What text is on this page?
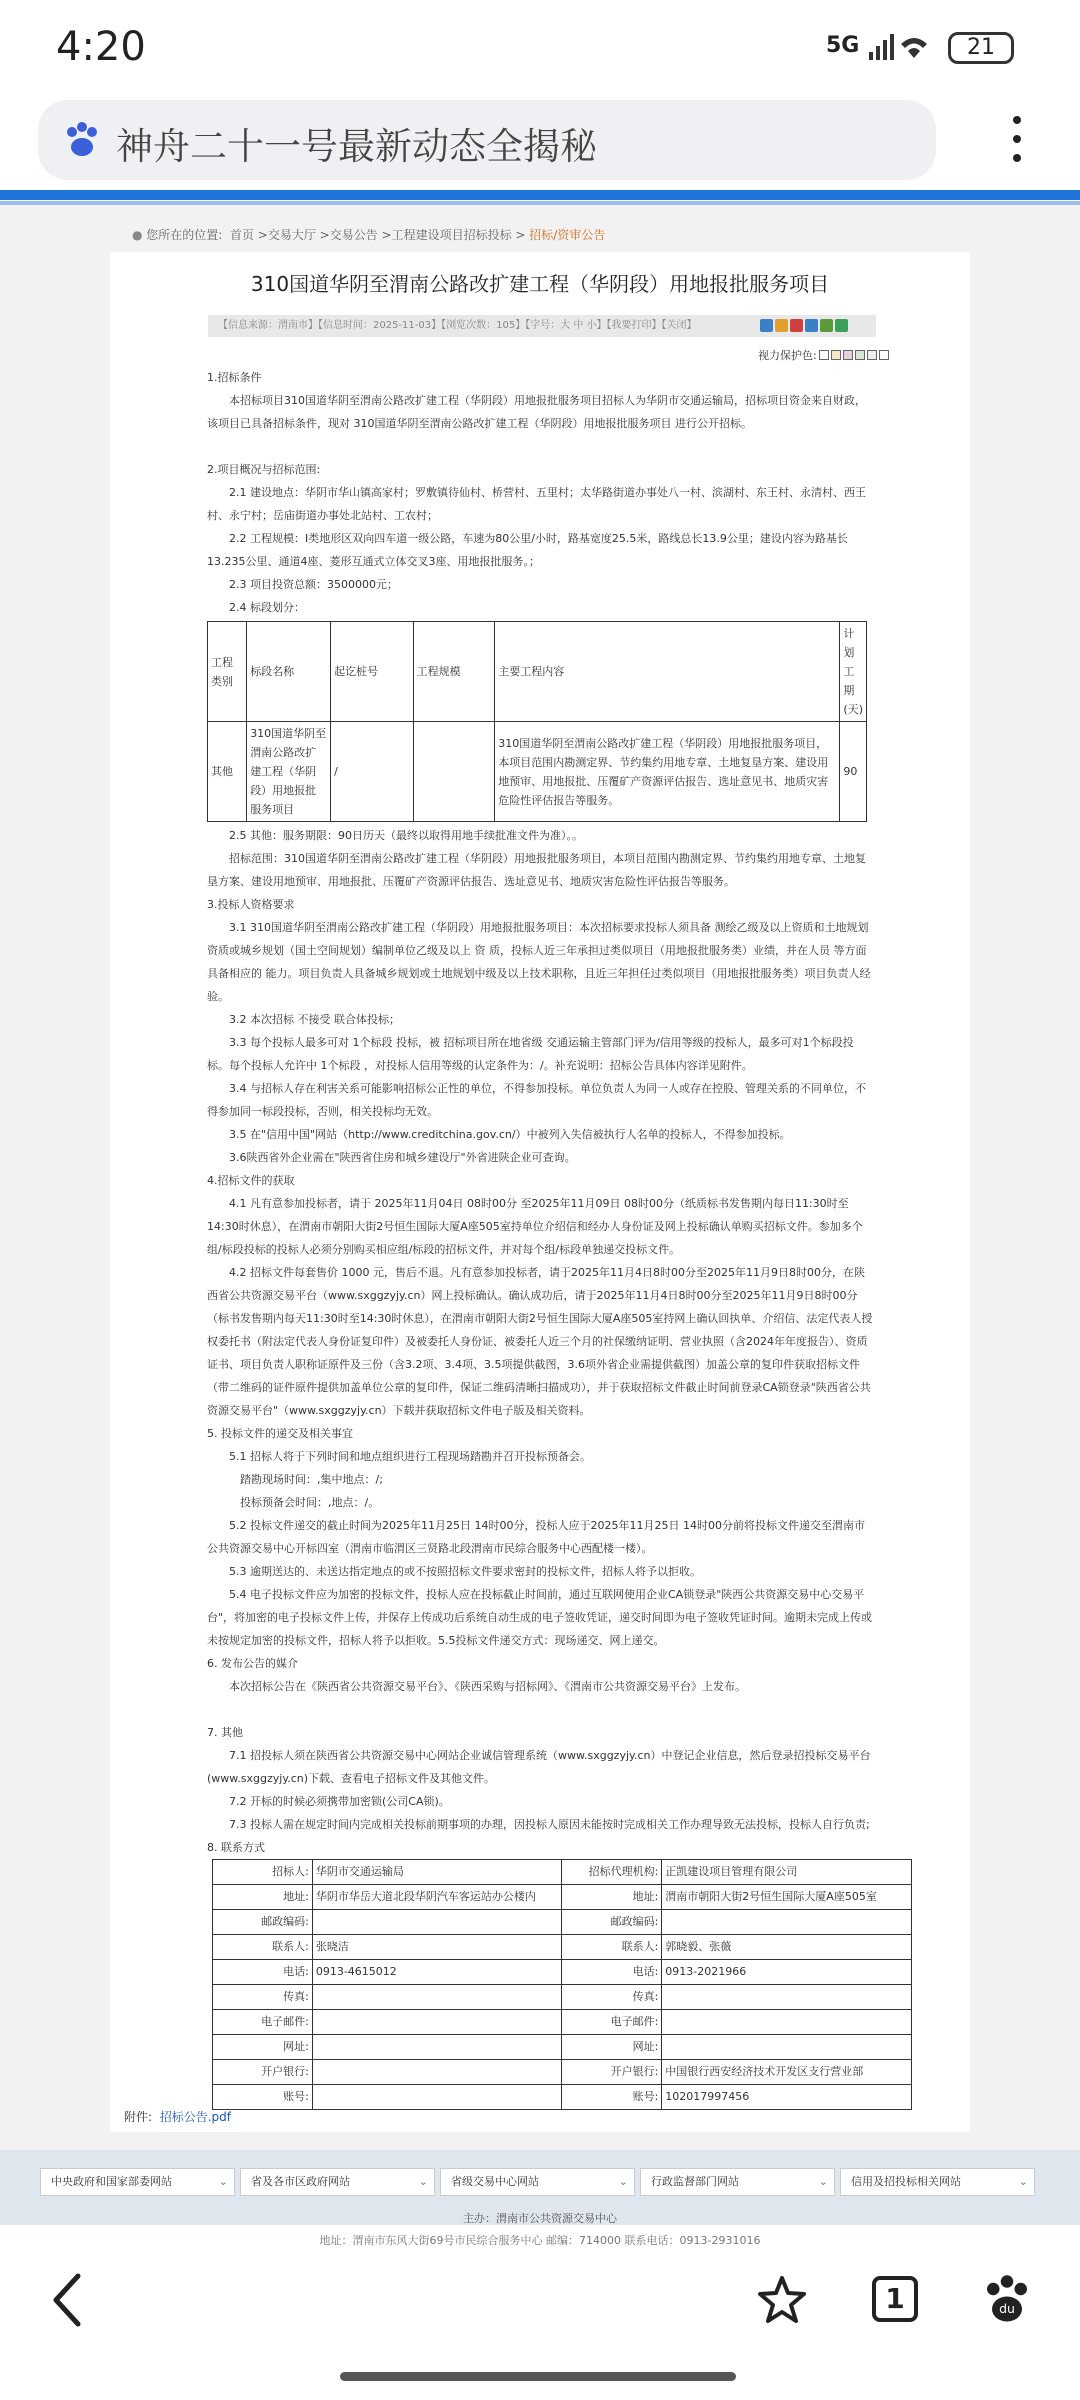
4:20	5G	21
神舟二十一号最新动态全揭秘
● 您所在的位置: 首页 >交易大厅 >交易公告 >工程建设项目招标投标 > 招标/资审公告
310国道华阴至渭南公路改扩建工程（华阴段）用地报批服务项目
【信息来源：渭南市】【信息时间：2025-11-03】【浏览次数：105】【字号：大 中 小】【我要打印】【关闭】
视力保护色:

1.招标条件

本招标项目310国道华阴至渭南公路改扩建工程（华阴段）用地报批服务项目招标人为华阴市交通运输局，招标项目资金来自财政，该项目已具备招标条件，现对 310国道华阴至渭南公路改扩建工程（华阴段）用地报批服务项目 进行公开招标。

2.项目概况与招标范围:

2.1 建设地点：华阴市华山镇高家村；罗敷镇待仙村、桥营村、五里村；太华路街道办事处八一村、滨湖村、东王村、永清村、西王村、永宁村；岳庙街道办事处北站村、工农村；

2.2 工程规模：I类地形区双向四车道一级公路，车速为80公里/小时，路基宽度25.5米，路线总长13.9公里；建设内容为路基长13.235公里、通道4座、菱形互通式立体交叉3座、用地报批服务。；

2.3 项目投资总额：3500000元；

2.4 标段划分：

工程类别	标段名称	起讫桩号	工程规模	主要工程内容	计划工期(天)
其他	310国道华阴至渭南公路改扩建工程（华阴段）用地报批服务项目	/		310国道华阴至渭南公路改扩建工程（华阴段）用地报批服务项目，本项目范围内勘测定界、节约集约用地专章、土地复垦方案、建设用地预审、用地报批、压覆矿产资源评估报告、选址意见书、地质灾害危险性评估报告等服务。	90

2.5 其他：服务期限：90日历天（最终以取得用地手续批准文件为准）。。

招标范围：310国道华阴至渭南公路改扩建工程（华阴段）用地报批服务项目，本项目范围内勘测定界、节约集约用地专章、土地复垦方案、建设用地预审、用地报批、压覆矿产资源评估报告、选址意见书、地质灾害危险性评估报告等服务。

3.投标人资格要求

3.1 310国道华阴至渭南公路改扩建工程（华阴段）用地报批服务项目：本次招标要求投标人须具备 测绘乙级及以上资质和土地规划资质或城乡规划（国土空间规划）编制单位乙级及以上 资 质，投标人近三年承担过类似项目（用地报批服务类）业绩，并在人员 等方面具备相应的 能力。项目负责人具备城乡规划或土地规划中级及以上技术职称，且近三年担任过类似项目（用地报批服务类）项目负责人经验。

3.2 本次招标 不接受 联合体投标；

3.3 每个投标人最多可对 1个标段 投标，被 招标项目所在地省级 交通运输主管部门评为/信用等级的投标人，最多可对1个标段投标。每个投标人允许中 1个标段 ，对投标人信用等级的认定条件为：/。补充说明：招标公告具体内容详见附件。

3.4 与招标人存在利害关系可能影响招标公正性的单位，不得参加投标。单位负责人为同一人或存在控股、管理关系的不同单位，不得参加同一标段投标，否则，相关投标均无效。

3.5 在"信用中国"网站（http://www.creditchina.gov.cn/）中被列入失信被执行人名单的投标人，不得参加投标。

3.6陕西省外企业需在"陕西省住房和城乡建设厅"外省进陕企业可查询。

4.招标文件的获取

4.1 凡有意参加投标者，请于 2025年11月04日 08时00分 至2025年11月09日 08时00分（纸质标书发售期内每日11:30时至14:30时休息），在渭南市朝阳大街2号恒生国际大厦A座505室持单位介绍信和经办人身份证及网上投标确认单购买招标文件。参加多个组/标段投标的投标人必须分别购买相应组/标段的招标文件，并对每个组/标段单独递交投标文件。

4.2 招标文件每套售价 1000 元，售后不退。凡有意参加投标者，请于2025年11月4日8时00分至2025年11月9日8时00分，在陕西省公共资源交易平台（www.sxggzyjy.cn）网上投标确认。确认成功后，请于2025年11月4日8时00分至2025年11月9日8时00分（标书发售期内每天11:30时至14:30时休息），在渭南市朝阳大街2号恒生国际大厦A座505室持网上确认回执单、介绍信、法定代表人授权委托书（附法定代表人身份证复印件）及被委托人身份证、被委托人近三个月的社保缴纳证明、营业执照（含2024年年度报告）、资质证书、项目负责人职称证原件及三份（含3.2项、3.4项、3.5项提供截图，3.6项外省企业需提供截图）加盖公章的复印件获取招标文件（带二维码的证件原件提供加盖单位公章的复印件，保证二维码清晰扫描成功），并于获取招标文件截止时间前登录CA锁登录"陕西省公共资源交易平台"（www.sxggzyjy.cn）下载并获取招标文件电子版及相关资料。

5. 投标文件的递交及相关事宜

5.1 招标人将于下列时间和地点组织进行工程现场踏勘并召开投标预备会。

踏勘现场时间：,集中地点：/;

投标预备会时间：,地点：/。

5.2 投标文件递交的截止时间为2025年11月25日 14时00分，投标人应于2025年11月25日 14时00分前将投标文件递交至渭南市公共资源交易中心开标四室（渭南市临渭区三贤路北段渭南市民综合服务中心西配楼一楼）。

5.3 逾期送达的、未送达指定地点的或不按照招标文件要求密封的投标文件，招标人将予以拒收。

5.4 电子投标文件应为加密的投标文件，投标人应在投标截止时间前，通过互联网使用企业CA锁登录"陕西公共资源交易中心交易平台"，将加密的电子投标文件上传，并保存上传成功后系统自动生成的电子签收凭证，递交时间即为电子签收凭证时间。逾期未完成上传或未按规定加密的投标文件，招标人将予以拒收。5.5投标文件递交方式：现场递交、网上递交。

6. 发布公告的媒介

本次招标公告在《陕西省公共资源交易平台》、《陕西采购与招标网》、《渭南市公共资源交易平台》上发布。

7. 其他

7.1 招投标人须在陕西省公共资源交易中心网站企业诚信管理系统（www.sxggzyjy.cn）中登记企业信息，然后登录招投标交易平台(www.sxggzyjy.cn)下载、查看电子招标文件及其他文件。

7.2 开标的时候必须携带加密锁(公司CA锁)。

7.3 投标人需在规定时间内完成相关投标前期事项的办理，因投标人原因未能按时完成相关工作办理导致无法投标，投标人自行负责;

8. 联系方式

招标人:	华阴市交通运输局	招标代理机构:	正凯建设项目管理有限公司
地址:	华阴市华岳大道北段华阴汽车客运站办公楼内	地址:	渭南市朝阳大街2号恒生国际大厦A座505室
邮政编码:		邮政编码:	
联系人:	张晓洁	联系人:	郭晓毅、张薇
电话:	0913-4615012	电话:	0913-2021966
传真:		传真:	
电子邮件:		电子邮件:	
网址:		网址:	
开户银行:		开户银行:	中国银行西安经济技术开发区支行营业部
账号:		账号:	102017997456
附件: 招标公告.pdf
中央政府和国家部委网站	⌄	省及各市区政府网站	⌄	省级交易中心网站	⌄	行政监督部门网站	⌄	信用及招投标相关网站	⌄
主办：渭南市公共资源交易中心
地址：渭南市东风大街69号市民综合服务中心 邮编：714000 联系电话：0913-2931016
1	du
